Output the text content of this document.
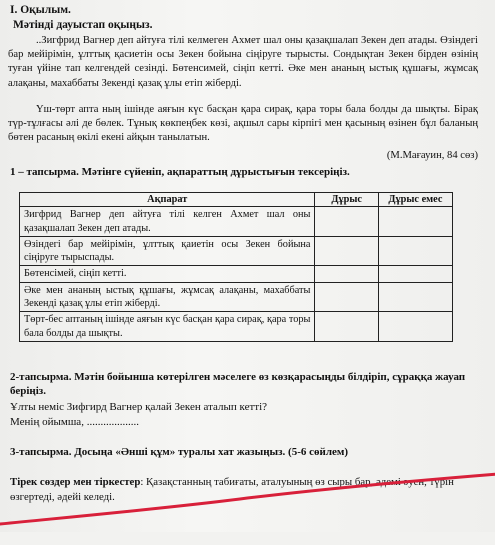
I. Оқылым.
Мәтінді дауыстап оқыңыз.
..Зигфрид Вагнер деп айтуға тілі келмеген Ахмет шал оны қазақшалап Зекен деп атады. Өзіндегі бар мейірімін, ұлттық қасиетін осы Зекен бойына сіңіруге тырысты. Сондықтан Зекен бірден өзінің туған үйіне тап келгендей сезінді. Бөтенсимей, сіңіп кетті. Әке мен ананың ыстық құшағы, жұмсақ алақаны, махаббаты Зекенді қазақ ұлы етіп жіберді.
Үш-төрт апта ның ішінде аяғын күс басқан қара сирақ, қара торы бала болды да шықты. Бірақ түр-тұлғасы әлі де бөлек. Тұнық көкпеңбек көзі, ақшыл сары кірпігі мен қасының өзінен бұл баланың бөтен расаның өкілі екені айқын танылатын.
(М.Мағауин, 84 сөз)
1 – тапсырма. Мәтінге сүйеніп, ақпараттың дұрыстығын тексеріңіз.
Ақпарат	Дұрыс	Дұрыс емес
Зигфрид Вагнер деп айтуға тілі келген Ахмет шал оны қазақшалап Зекен деп атады.		
Өзіндегі бар мейірімін, ұлттық қаиетін осы Зекен бойына сіңіруге тырыспады.		
Бөтенсімей, сіңіп кетті.		
Әке мен ананың ыстық құшағы, жұмсақ алақаны, махаббаты Зекенді қазақ ұлы етіп жіберді.		
Төрт-бес аптаның ішінде аяғын күс басқан қара сирақ, қара торы бала болды да шықты.		
2-тапсырма. Мәтін бойынша көтерілген мәселеге өз көзқарасыңды білдіріп, сұраққа жауап беріңіз.
Ұлты неміс Зифгирд Вагнер қалай Зекен аталып кетті?
Менің ойымша, ...................
3-тапсырма. Досыңа «Әнші құм» туралы хат жазыңыз. (5-6 сөйлем)
Тірек сөздер мен тіркестер: Қазақстанның табиғаты, аталуының өз сыры бар, әдемі әуен, түрін өзгертеді, әдейі келеді.
